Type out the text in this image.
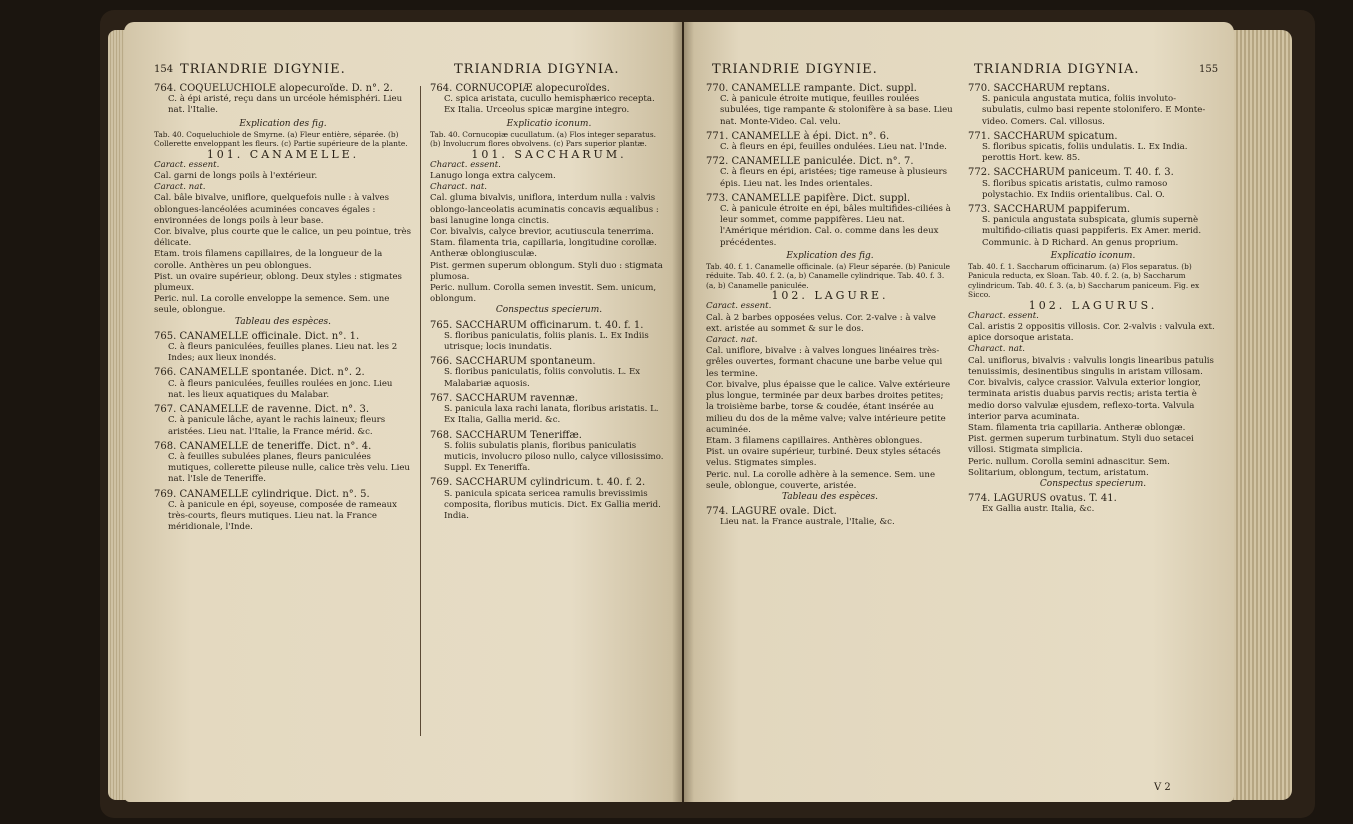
154 TRIANDRIE DIGYNIE.	TRIANDRIA DIGYNIA.

764. COQUELUCHIOLE alopecuroïde. D. n°. 2.

C. à épi aristé, reçu dans un urcéole hémisphéri. Lieu nat. l'Italie.

Explication des fig.

Tab. 40. Coqueluchiole de Smyrne. (a) Fleur entière, séparée. (b) Collerette enveloppant les fleurs. (c) Partie supérieure de la plante.

101. CANAMELLE.

Caract. essent.

Cal. garni de longs poils à l'extérieur.

Caract. nat.

Cal. bâle bivalve, uniflore, quelquefois nulle : à valves oblongues-lancéolées acuminées concaves égales : environnées de longs poils à leur base.

Cor. bivalve, plus courte que le calice, un peu pointue, très délicate.

Etam. trois filamens capillaires, de la longueur de la corolle. Anthères un peu oblongues.

Pist. un ovaire supérieur, oblong. Deux styles : stigmates plumeux.

Peric. nul. La corolle enveloppe la semence. Sem. une seule, oblongue.

Tableau des espèces.

765. CANAMELLE officinale. Dict. n°. 1.

C. à fleurs paniculées, feuilles planes. Lieu nat. les 2 Indes; aux lieux inondés.

766. CANAMELLE spontanée. Dict. n°. 2.

C. à fleurs paniculées, feuilles roulées en jonc. Lieu nat. les lieux aquatiques du Malabar.

767. CANAMELLE de ravenne. Dict. n°. 3.

C. à panicule lâche, ayant le rachis laineux; fleurs aristées. Lieu nat. l'Italie, la France mérid. &c.

768. CANAMELLE de teneriffe. Dict. n°. 4.

C. à feuilles subulées planes, fleurs paniculées mutiques, collerette pileuse nulle, calice très velu. Lieu nat. l'Isle de Teneriffe.

769. CANAMELLE cylindrique. Dict. n°. 5.

C. à panicule en épi, soyeuse, composée de rameaux très-courts, fleurs mutiques. Lieu nat. la France méridionale, l'Inde.

764. CORNUCOPIÆ alopecuroïdes.

C. spica aristata, cucullo hemisphærico recepta. Ex Italia. Urceolus spicæ margine integro.

Explicatio iconum.

Tab. 40. Cornucopiæ cucullatum. (a) Flos integer separatus. (b) Involucrum flores obvolvens. (c) Pars superior plantæ.

101. SACCHARUM.

Charact. essent.

Lanugo longa extra calycem.

Charact. nat.

Cal. gluma bivalvis, uniflora, interdum nulla : valvis oblongo-lanceolatis acuminatis concavis æqualibus : basi lanugine longa cinctis.

Cor. bivalvis, calyce brevior, acutiuscula tenerrima.

Stam. filamenta tria, capillaria, longitudine corollæ. Antheræ oblongiusculæ.

Pist. germen superum oblongum. Styli duo : stigmata plumosa.

Peric. nullum. Corolla semen investit. Sem. unicum, oblongum.

Conspectus specierum.

765. SACCHARUM officinarum. t. 40. f. 1.

S. floribus paniculatis, foliis planis. L. Ex Indiis utrisque; locis inundatis.

766. SACCHARUM spontaneum.

S. floribus paniculatis, foliis convolutis. L. Ex Malabariæ aquosis.

767. SACCHARUM ravennæ.

S. panicula laxa rachi lanata, floribus aristatis. L. Ex Italia, Gallia merid. &c.

768. SACCHARUM Teneriffæ.

S. foliis subulatis planis, floribus paniculatis muticis, involucro piloso nullo, calyce villosissimo. Suppl. Ex Teneriffa.

769. SACCHARUM cylindricum. t. 40. f. 2.

S. panicula spicata sericea ramulis brevissimis composita, floribus muticis. Dict. Ex Gallia merid. India.

TRIANDRIE DIGYNIE.	TRIANDRIA DIGYNIA.	155

770. CANAMELLE rampante. Dict. suppl.

C. à panicule étroite mutique, feuilles roulées subulées, tige rampante & stolonifère à sa base. Lieu nat. Monte-Video. Cal. velu.

771. CANAMELLE à épi. Dict. n°. 6.

C. à fleurs en épi, feuilles ondulées. Lieu nat. l'Inde.

772. CANAMELLE paniculée. Dict. n°. 7.

C. à fleurs en épi, aristées; tige rameuse à plusieurs épis. Lieu nat. les Indes orientales.

773. CANAMELLE papifère. Dict. suppl.

C. à panicule étroite en épi, bâles multifides-ciliées à leur sommet, comme pappifères. Lieu nat. l'Amérique méridion. Cal. o. comme dans les deux précédentes.

Explication des fig.

Tab. 40. f. 1. Canamelle officinale. (a) Fleur séparée. (b) Panicule réduite. Tab. 40. f. 2. (a, b) Canamelle cylindrique. Tab. 40. f. 3. (a, b) Canamelle paniculée.

102. LAGURE.

Caract. essent.

Cal. à 2 barbes opposées velus. Cor. 2-valve : à valve ext. aristée au sommet & sur le dos.

Caract. nat.

Cal. uniflore, bivalve : à valves longues linéaires très-grêles ouvertes, formant chacune une barbe velue qui les termine.

Cor. bivalve, plus épaisse que le calice. Valve extérieure plus longue, terminée par deux barbes droites petites; la troisième barbe, torse & coudée, étant insérée au milieu du dos de la même valve; valve intérieure petite acuminée.

Etam. 3 filamens capillaires. Anthères oblongues.

Pist. un ovaire supérieur, turbiné. Deux styles sétacés velus. Stigmates simples.

Peric. nul. La corolle adhère à la semence. Sem. une seule, oblongue, couverte, aristée.

Tableau des espèces.

774. LAGURE ovale. Dict.

Lieu nat. la France australe, l'Italie, &c.

770. SACCHARUM reptans.

S. panicula angustata mutica, foliis involuto-subulatis, culmo basi repente stolonifero. E Monte-video. Comers. Cal. villosus.

771. SACCHARUM spicatum.

S. floribus spicatis, foliis undulatis. L. Ex India. perottis Hort. kew. 85.

772. SACCHARUM paniceum. T. 40. f. 3.

S. floribus spicatis aristatis, culmo ramoso polystachio. Ex Indiis orientalibus. Cal. O.

773. SACCHARUM pappiferum.

S. panicula angustata subspicata, glumis supernè multifido-ciliatis quasi pappiferis. Ex Amer. merid. Communic. à D Richard. An genus proprium.

Explicatio iconum.

Tab. 40. f. 1. Saccharum officinarum. (a) Flos separatus. (b) Panicula reducta, ex Sloan. Tab. 40. f. 2. (a, b) Saccharum cylindricum. Tab. 40. f. 3. (a, b) Saccharum paniceum. Fig. ex Sicco.

102. LAGURUS.

Charact. essent.

Cal. aristis 2 oppositis villosis. Cor. 2-valvis : valvula ext. apice dorsoque aristata.

Charact. nat.

Cal. uniflorus, bivalvis : valvulis longis linearibus patulis tenuissimis, desinentibus singulis in aristam villosam.

Cor. bivalvis, calyce crassior. Valvula exterior longior, terminata aristis duabus parvis rectis; arista tertia è medio dorso valvulæ ejusdem, reflexo-torta. Valvula interior parva acuminata.

Stam. filamenta tria capillaria. Antheræ oblongæ.

Pist. germen superum turbinatum. Styli duo setacei villosi. Stigmata simplicia.

Peric. nullum. Corolla semini adnascitur. Sem. Solitarium, oblongum, tectum, aristatum.

Conspectus specierum.

774. LAGURUS ovatus. T. 41.

Ex Gallia austr. Italia, &c.

V 2
